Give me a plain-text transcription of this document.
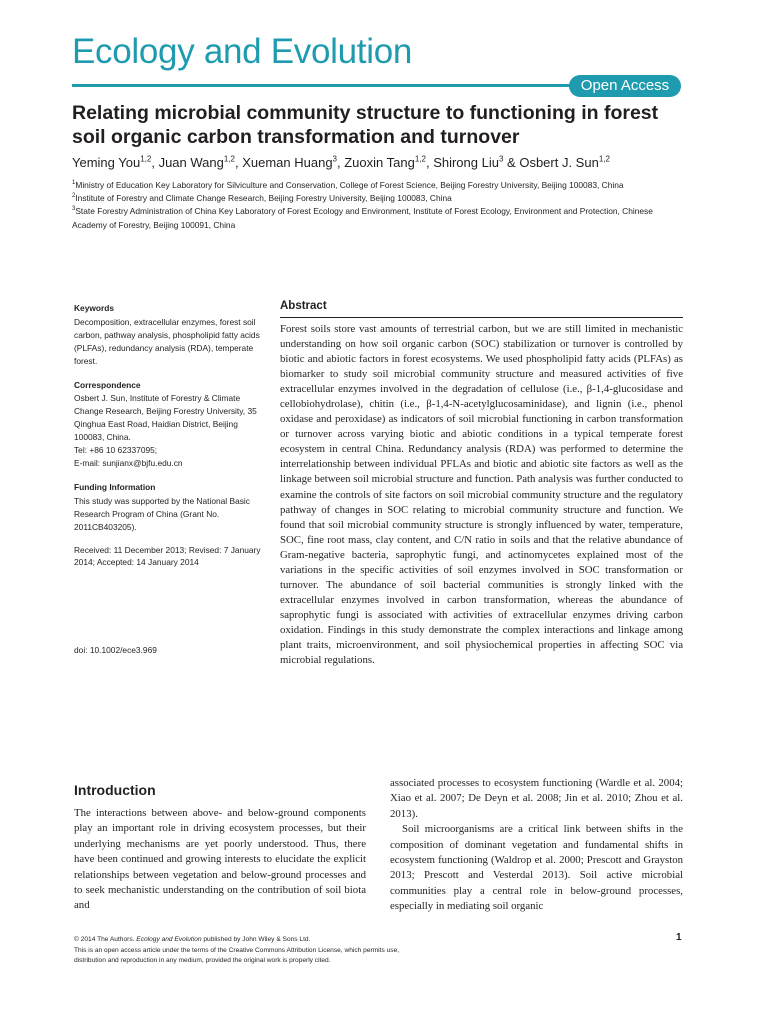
Ecology and Evolution
Open Access
Relating microbial community structure to functioning in forest soil organic carbon transformation and turnover
Yeming You$^{1,2}$, Juan Wang$^{1,2}$, Xueman Huang$^3$, Zuoxin Tang$^{1,2}$, Shirong Liu$^3$ & Osbert J. Sun$^{1,2}$
$^1$Ministry of Education Key Laboratory for Silviculture and Conservation, College of Forest Science, Beijing Forestry University, Beijing 100083, China
$^2$Institute of Forestry and Climate Change Research, Beijing Forestry University, Beijing 100083, China
$^3$State Forestry Administration of China Key Laboratory of Forest Ecology and Environment, Institute of Forest Ecology, Environment and Protection, Chinese Academy of Forestry, Beijing 100091, China
Keywords
Decomposition, extracellular enzymes, forest soil carbon, pathway analysis, phospholipid fatty acids (PLFAs), redundancy analysis (RDA), temperate forest.
Correspondence
Osbert J. Sun, Institute of Forestry & Climate Change Research, Beijing Forestry University, 35 Qinghua East Road, Haidian District, Beijing 100083, China.
Tel: +86 10 62337095;
E-mail: sunjianx@bjfu.edu.cn
Funding Information
This study was supported by the National Basic Research Program of China (Grant No. 2011CB403205).
Received: 11 December 2013; Revised: 7 January 2014; Accepted: 14 January 2014
doi: 10.1002/ece3.969
Abstract
Forest soils store vast amounts of terrestrial carbon, but we are still limited in mechanistic understanding on how soil organic carbon (SOC) stabilization or turnover is controlled by biotic and abiotic factors in forest ecosystems. We used phospholipid fatty acids (PLFAs) as biomarker to study soil microbial community structure and measured activities of five extracellular enzymes involved in the degradation of cellulose (i.e., β-1,4-glucosidase and cellobiohydrolase), chitin (i.e., β-1,4-N-acetylglucosaminidase), and lignin (i.e., phenol oxidase and peroxidase) as indicators of soil microbial functioning in carbon transformation or turnover across varying biotic and abiotic conditions in a typical temperate forest ecosystem in central China. Redundancy analysis (RDA) was performed to determine the interrelationship between individual PFLAs and biotic and abiotic site factors as well as the linkage between soil microbial structure and function. Path analysis was further conducted to examine the controls of site factors on soil microbial community structure and the regulatory pathway of changes in SOC relating to microbial community structure and function. We found that soil microbial community structure is strongly influenced by water, temperature, SOC, fine root mass, clay content, and C/N ratio in soils and that the relative abundance of Gram-negative bacteria, saprophytic fungi, and actinomycetes explained most of the variations in the specific activities of soil enzymes involved in SOC transformation or turnover. The abundance of soil bacterial communities is strongly linked with the extracellular enzymes involved in carbon transformation, whereas the abundance of saprophytic fungi is associated with activities of extracellular enzymes driving carbon oxidation. Findings in this study demonstrate the complex interactions and linkage among plant traits, microenvironment, and soil physiochemical properties in affecting SOC via microbial regulations.
Introduction
The interactions between above- and below-ground components play an important role in driving ecosystem processes, but their underlying mechanisms are yet poorly understood. Thus, there have been continued and growing interests to elucidate the explicit relationships between vegetation and below-ground processes and to seek mechanistic understanding on the contribution of soil biota and
associated processes to ecosystem functioning (Wardle et al. 2004; Xiao et al. 2007; De Deyn et al. 2008; Jin et al. 2010; Zhou et al. 2013).
Soil microorganisms are a critical link between shifts in the composition of dominant vegetation and fundamental shifts in ecosystem functioning (Waldrop et al. 2000; Prescott and Grayston 2013; Prescott and Vesterdal 2013). Soil active microbial communities play a central role in below-ground processes, especially in mediating soil organic
© 2014 The Authors. Ecology and Evolution published by John Wiley & Sons Ltd.
This is an open access article under the terms of the Creative Commons Attribution License, which permits use,
distribution and reproduction in any medium, provided the original work is properly cited.
1
